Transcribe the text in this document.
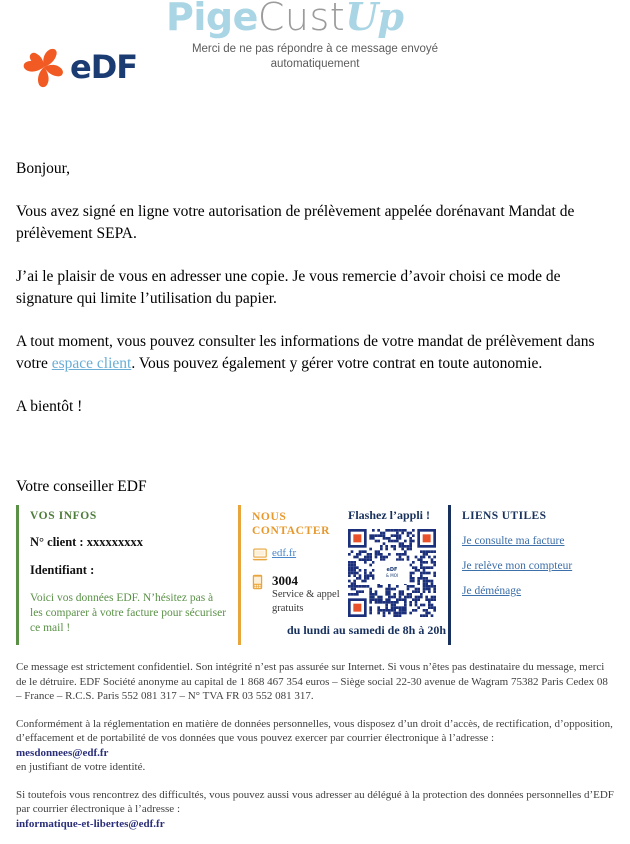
PigeCustUp
Merci de ne pas répondre à ce message envoyé automatiquement
eDF

Bonjour,

Vous avez signé en ligne votre autorisation de prélèvement appelée dorénavant Mandat de prélèvement SEPA.

J’ai le plaisir de vous en adresser une copie. Je vous remercie d’avoir choisi ce mode de signature qui limite l’utilisation du papier.

A tout moment, vous pouvez consulter les informations de votre mandat de prélèvement dans votre espace client. Vous pouvez également y gérer votre contrat en toute autonomie.

A bientôt !

Votre conseiller EDF

VOS INFOS
N° client : xxxxxxxxx
Identifiant :
Voici vos données EDF. N’hésitez pas à les comparer à votre facture pour sécuriser ce mail !
NOUS CONTACTER
edf.fr
3004
Service & appel gratuits
Flashez l’appli !
eDF
& MOI
du lundi au samedi de 8h à 20h
LIENS UTILES
Je consulte ma facture
Je relève mon compteur
Je déménage

Ce message est strictement confidentiel. Son intégrité n’est pas assurée sur Internet. Si vous n’êtes pas destinataire du message, merci de le détruire. EDF Société anonyme au capital de 1 868 467 354 euros – Siège social 22-30 avenue de Wagram 75382 Paris Cedex 08 – France – R.C.S. Paris 552 081 317 – N° TVA FR 03 552 081 317.

Conformément à la réglementation en matière de données personnelles, vous disposez d’un droit d’accès, de rectification, d’opposition, d’effacement et de portabilité de vos données que vous pouvez exercer par courrier électronique à l’adresse :
mesdonnees@edf.fr
en justifiant de votre identité.

Si toutefois vous rencontrez des difficultés, vous pouvez aussi vous adresser au délégué à la protection des données personnelles d’EDF par courrier électronique à l’adresse :
informatique-et-libertes@edf.fr
